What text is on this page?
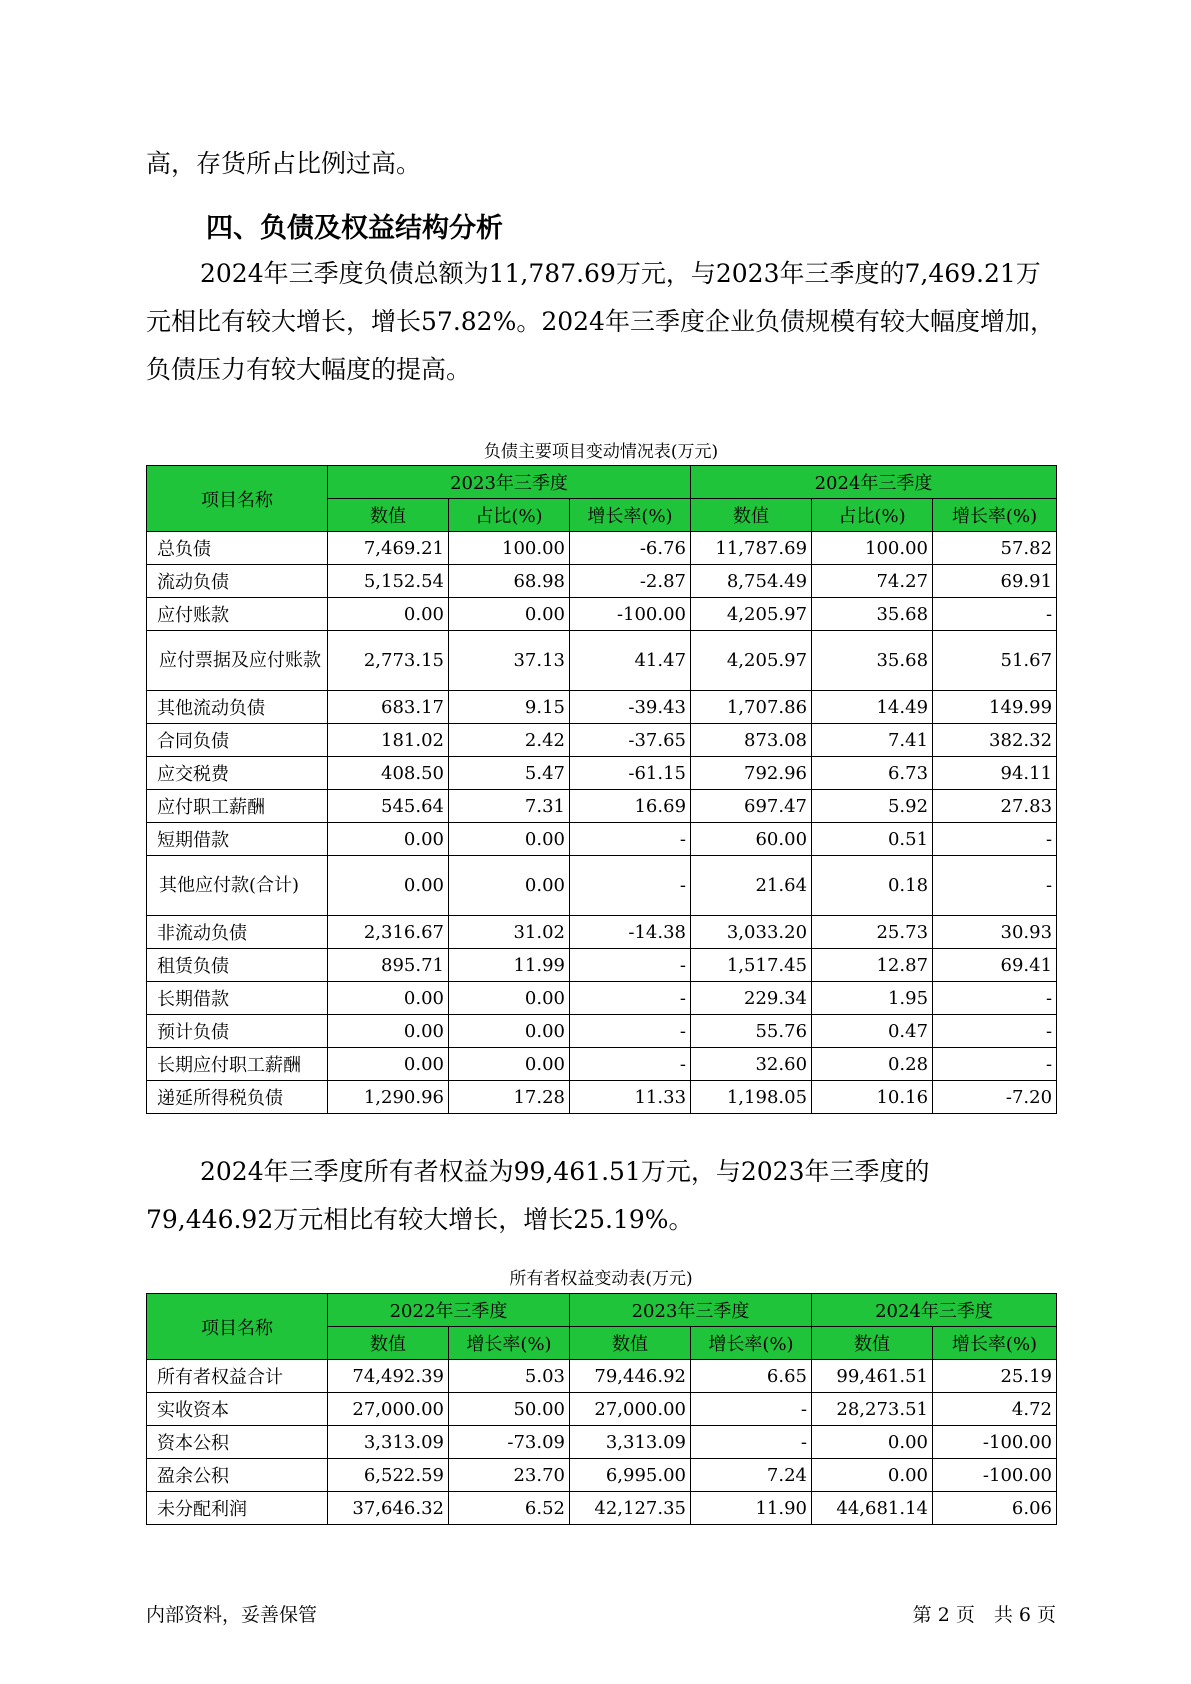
高，存货所占比例过高。

四、负债及权益结构分析

2024年三季度负债总额为11,787.69万元，与2023年三季度的7,469.21万元相比有较大增长，增长57.82%。2024年三季度企业负债规模有较大幅度增加，负债压力有较大幅度的提高。

负债主要项目变动情况表(万元)
项目名称	2023年三季度			2024年三季度		
	数值	占比(%)	增长率(%)	数值	占比(%)	增长率(%)
总负债	7,469.21	100.00	-6.76	11,787.69	100.00	57.82
流动负债	5,152.54	68.98	-2.87	8,754.49	74.27	69.91
应付账款	0.00	0.00	-100.00	4,205.97	35.68	-
应付票据及应付账款	2,773.15	37.13	41.47	4,205.97	35.68	51.67
其他流动负债	683.17	9.15	-39.43	1,707.86	14.49	149.99
合同负债	181.02	2.42	-37.65	873.08	7.41	382.32
应交税费	408.50	5.47	-61.15	792.96	6.73	94.11
应付职工薪酬	545.64	7.31	16.69	697.47	5.92	27.83
短期借款	0.00	0.00	-	60.00	0.51	-
其他应付款(合计)	0.00	0.00	-	21.64	0.18	-
非流动负债	2,316.67	31.02	-14.38	3,033.20	25.73	30.93
租赁负债	895.71	11.99	-	1,517.45	12.87	69.41
长期借款	0.00	0.00	-	229.34	1.95	-
预计负债	0.00	0.00	-	55.76	0.47	-
长期应付职工薪酬	0.00	0.00	-	32.60	0.28	-
递延所得税负债	1,290.96	17.28	11.33	1,198.05	10.16	-7.20

2024年三季度所有者权益为99,461.51万元，与2023年三季度的79,446.92万元相比有较大增长，增长25.19%。

所有者权益变动表(万元)
项目名称	2022年三季度		2023年三季度		2024年三季度	
	数值	增长率(%)	数值	增长率(%)	数值	增长率(%)
所有者权益合计	74,492.39	5.03	79,446.92	6.65	99,461.51	25.19
实收资本	27,000.00	50.00	27,000.00	-	28,273.51	4.72
资本公积	3,313.09	-73.09	3,313.09	-	0.00	-100.00
盈余公积	6,522.59	23.70	6,995.00	7.24	0.00	-100.00
未分配利润	37,646.32	6.52	42,127.35	11.90	44,681.14	6.06
内部资料，妥善保管	第 2 页　共 6 页
